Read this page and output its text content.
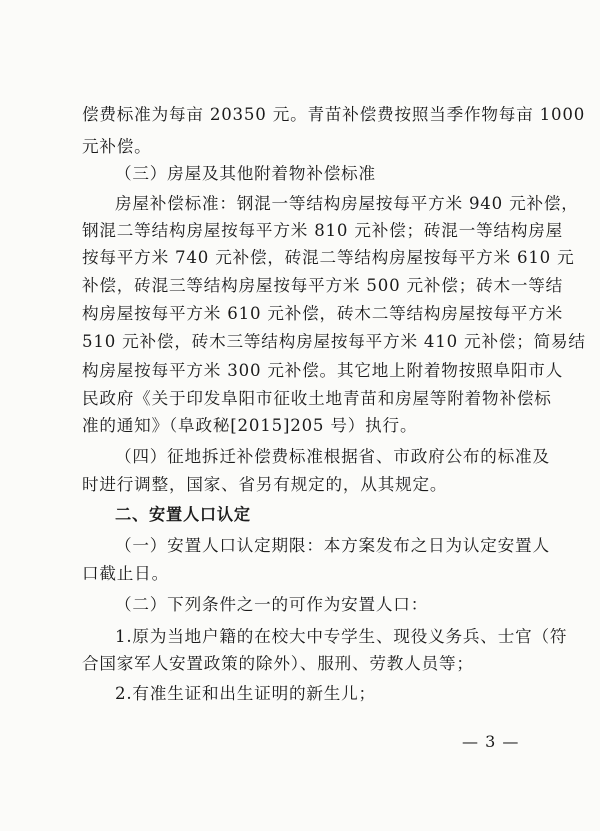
偿费标准为每亩 20350 元。青苗补偿费按照当季作物每亩 1000

元补偿。

（三）房屋及其他附着物补偿标准

房屋补偿标准：钢混一等结构房屋按每平方米 940 元补偿，

钢混二等结构房屋按每平方米 810 元补偿；砖混一等结构房屋

按每平方米 740 元补偿，砖混二等结构房屋按每平方米 610 元

补偿，砖混三等结构房屋按每平方米 500 元补偿；砖木一等结

构房屋按每平方米 610 元补偿，砖木二等结构房屋按每平方米

510 元补偿，砖木三等结构房屋按每平方米 410 元补偿；简易结

构房屋按每平方米 300 元补偿。其它地上附着物按照阜阳市人

民政府《关于印发阜阳市征收土地青苗和房屋等附着物补偿标

准的通知》（阜政秘[2015]205 号）执行。

（四）征地拆迁补偿费标准根据省、市政府公布的标准及

时进行调整，国家、省另有规定的，从其规定。

二、安置人口认定

（一）安置人口认定期限：本方案发布之日为认定安置人

口截止日。

（二）下列条件之一的可作为安置人口：

1.原为当地户籍的在校大中专学生、现役义务兵、士官（符

合国家军人安置政策的除外）、服刑、劳教人员等；

2.有准生证和出生证明的新生儿；

— 3 —
